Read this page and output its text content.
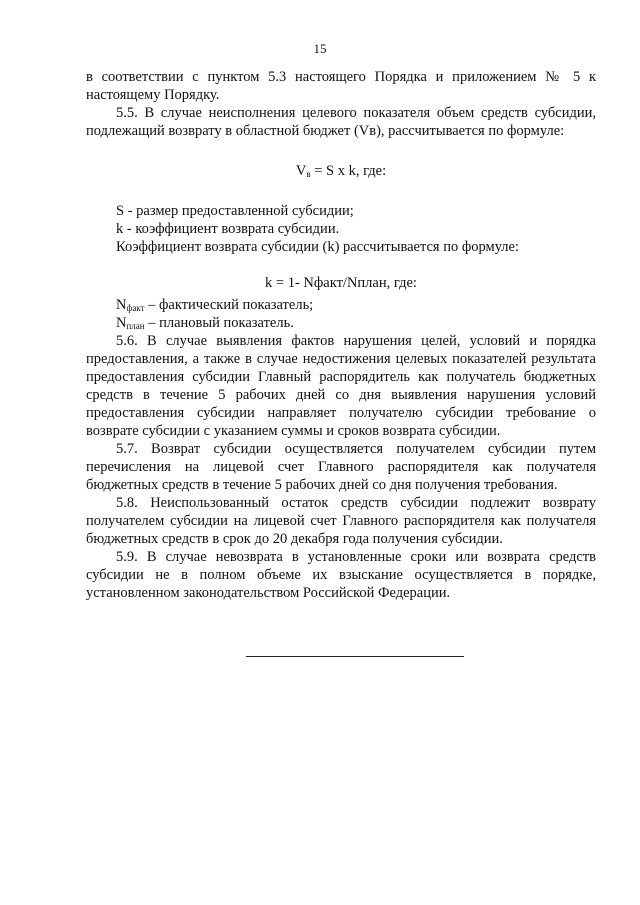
15

в соответствии с пунктом 5.3 настоящего Порядка и приложением № 5 к настоящему Порядку.

5.5. В случае неисполнения целевого показателя объем средств субсидии, подлежащий возврату в областной бюджет (Vв), рассчитывается по формуле:

$V_в = S$ x k, где:

S - размер предоставленной субсидии;

k - коэффициент возврата субсидии.

Коэффициент возврата субсидии (k) рассчитывается по формуле:

k = 1- Nфакт/Nплан, где:

$N_{факт}$ – фактический показатель;

$N_{план}$ – плановый показатель.

5.6. В случае выявления фактов нарушения целей, условий и порядка предоставления, а также в случае недостижения целевых показателей результата предоставления субсидии Главный распорядитель как получатель бюджетных средств в течение 5 рабочих дней со дня выявления нарушения условий предоставления субсидии направляет получателю субсидии требование о возврате субсидии с указанием суммы и сроков возврата субсидии.

5.7. Возврат субсидии осуществляется получателем субсидии путем перечисления на лицевой счет Главного распорядителя как получателя бюджетных средств в течение 5 рабочих дней со дня получения требования.

5.8. Неиспользованный остаток средств субсидии подлежит возврату получателем субсидии на лицевой счет Главного распорядителя как получателя бюджетных средств в срок до 20 декабря года получения субсидии.

5.9. В случае невозврата в установленные сроки или возврата средств субсидии не в полном объеме их взыскание осуществляется в порядке, установленном законодательством Российской Федерации.
